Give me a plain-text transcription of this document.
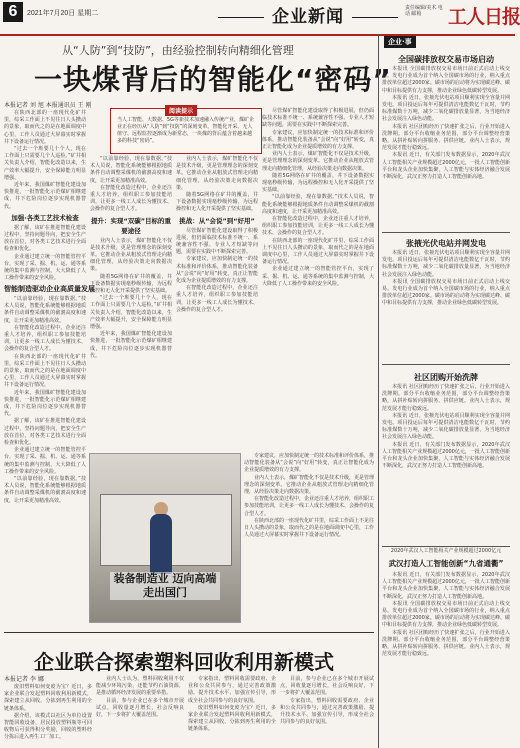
6	2021年7月20日 星期二	企业新闻	责任编辑/美术 电话 邮箱	工人日报
从“人防”到“技防”，由经验控制转向精细化管理
一块煤背后的智能化“密码”
本报记者 刘 旭 本报通讯员 王 刚
阅读提示
当人工智能、大数据、5G等新技术加速融入传统产业，煤矿企业正在经历从“人防”到“技防”的深刻变革。智能化开采、无人值守、远程监控逐渐成为新常态，一块煤的背后蕴含着越来越多的科技“密码”。

在陕西北部的一座现代化矿井里，综采工作面上不见往日人头攒动的景象，取而代之的是在地面调度中心里，工作人员通过大屏幕实时掌握井下设备运行情况。

“过去一个班要几十个人，现在工作面上只需要几个人巡检。”矿井相关负责人介绍，智能化改造以来，生产效率大幅提升，安全保障能力明显增强。

近年来，我国煤矿智能化建设加快推进，一批智能化示范煤矿相继建成，井下危险岗位逐步实现机器替代。

加强·各类工艺技术检查

据了解，该矿在推进智能化建设过程中，坚持问题导向，把安全生产放在首位，对各类工艺技术进行全面检查和优化。

企业通过建立统一的智能管控平台，实现了采、掘、机、运、通等系统的集中监测与控制，大大降低了人工操作带来的安全风险。

智能制造驱动企业高质量发展

“以前靠经验，现在靠数据。”技术人员说，智能化系统能够根据地质条件自动调整采煤机的截割高度和速度，让开采更加精准高效。

在智能化改造过程中，企业还注重人才培养，组织职工参加技能培训，让更多一线工人成长为懂技术、会操作的复合型人才。

在陕西北部的一座现代化矿井里，综采工作面上不见往日人头攒动的景象，取而代之的是在地面调度中心里，工作人员通过大屏幕实时掌握井下设备运行情况。

近年来，我国煤矿智能化建设加快推进，一批智能化示范煤矿相继建成，井下危险岗位逐步实现机器替代。

据了解，该矿在推进智能化建设过程中，坚持问题导向，把安全生产放在首位，对各类工艺技术进行全面检查和优化。

企业通过建立统一的智能管控平台，实现了采、掘、机、运、通等系统的集中监测与控制，大大降低了人工操作带来的安全风险。

“以前靠经验，现在靠数据。”技术人员说，智能化系统能够根据地质条件自动调整采煤机的截割高度和速度，让开采更加精准高效。

“以前靠经验，现在靠数据。”技术人员说，智能化系统能够根据地质条件自动调整采煤机的截割高度和速度，让开采更加精准高效。

在智能化改造过程中，企业还注重人才培养，组织职工参加技能培训，让更多一线工人成长为懂技术、会操作的复合型人才。

提升：实现“双碳”目标的重要途径

业内人士表示，煤矿智能化不仅是技术升级，更是管理理念的深刻变革。它推动企业从粗放式管理走向精细化管理，从经验决策走向数据决策。

随着5G网络在矿井的覆盖，井下设备数据实现毫秒级传输，为远程操控和无人化开采提供了坚实基础。

“过去一个班要几十个人，现在工作面上只需要几个人巡检。”矿井相关负责人介绍，智能化改造以来，生产效率大幅提升，安全保障能力明显增强。

近年来，我国煤矿智能化建设加快推进，一批智能化示范煤矿相继建成，井下危险岗位逐步实现机器替代。

业内人士表示，煤矿智能化不仅是技术升级，更是管理理念的深刻变革。它推动企业从粗放式管理走向精细化管理，从经验决策走向数据决策。

随着5G网络在矿井的覆盖，井下设备数据实现毫秒级传输，为远程操控和无人化开采提供了坚实基础。

挑战：从“会说”到“好用”

尽管煤矿智能化建设取得了积极进展，但仍面临技术标准不统一、系统兼容性不强、专业人才短缺等问题，需要在实践中不断探索完善。

专家建议，应加快制定统一的技术标准和评价体系，推动智能化装备从“会说”向“好用”转变，真正让智能化成为企业提质增效的有力支撑。

在智能化改造过程中，企业还注重人才培养，组织职工参加技能培训，让更多一线工人成长为懂技术、会操作的复合型人才。

尽管煤矿智能化建设取得了积极进展，但仍面临技术标准不统一、系统兼容性不强、专业人才短缺等问题，需要在实践中不断探索完善。

专家建议，应加快制定统一的技术标准和评价体系，推动智能化装备从“会说”向“好用”转变，真正让智能化成为企业提质增效的有力支撑。

业内人士表示，煤矿智能化不仅是技术升级，更是管理理念的深刻变革。它推动企业从粗放式管理走向精细化管理，从经验决策走向数据决策。

随着5G网络在矿井的覆盖，井下设备数据实现毫秒级传输，为远程操控和无人化开采提供了坚实基础。

“以前靠经验，现在靠数据。”技术人员说，智能化系统能够根据地质条件自动调整采煤机的截割高度和速度，让开采更加精准高效。

在智能化改造过程中，企业还注重人才培养，组织职工参加技能培训，让更多一线工人成长为懂技术、会操作的复合型人才。

在陕西北部的一座现代化矿井里，综采工作面上不见往日人头攒动的景象，取而代之的是在地面调度中心里，工作人员通过大屏幕实时掌握井下设备运行情况。

企业通过建立统一的智能管控平台，实现了采、掘、机、运、通等系统的集中监测与控制，大大降低了人工操作带来的安全风险。

装备制造业 迈向高端走出国门

专家建议，应加快制定统一的技术标准和评价体系，推动智能化装备从“会说”向“好用”转变，真正让智能化成为企业提质增效的有力支撑。

业内人士表示，煤矿智能化不仅是技术升级，更是管理理念的深刻变革。它推动企业从粗放式管理走向精细化管理，从经验决策走向数据决策。

在智能化改造过程中，企业还注重人才培养，组织职工参加技能培训，让更多一线工人成长为懂技术、会操作的复合型人才。

在陕西北部的一座现代化矿井里，综采工作面上不见往日人头攒动的景象，取而代之的是在地面调度中心里，工作人员通过大屏幕实时掌握井下设备运行情况。

企业联合探索塑料回收利用新模式
本报记者 李 娜

废旧塑料如何变废为宝？近日，多家企业联合发起塑料回收利用新模式，探索建立从回收、分拣到再生利用的全链条体系。

据介绍，该模式以社区为单位设置智能回收设备，居民投放塑料瓶等可回收物后可获得积分奖励，回收的塑料经分拣后进入再生工厂加工。

业内人士认为，塑料回收利用不仅能减少环境污染，还能节约石油资源，是推动循环经济发展的重要举措。

目前，参与企业已在多个城市开展试点，回收量逐月增长，社会反响良好，下一步将扩大覆盖范围。

专家指出，塑料回收需要政府、企业和公众共同参与，通过完善政策激励、提升技术水平、加强宣传引导，形成全社会共同参与的良好氛围。

废旧塑料如何变废为宝？近日，多家企业联合发起塑料回收利用新模式，探索建立从回收、分拣到再生利用的全链条体系。

目前，参与企业已在多个城市开展试点，回收量逐月增长，社会反响良好，下一步将扩大覆盖范围。

专家指出，塑料回收需要政府、企业和公众共同参与，通过完善政策激励、提升技术水平、加强宣传引导，形成全社会共同参与的良好氛围。

企业·事
全国碳排放权交易市场启动

本报讯 全国碳排放权交易市场日前正式启动上线交易。发电行业成为首个纳入全国碳市场的行业，纳入重点排放单位超过2000家。碳市场的启动将为实现碳达峰、碳中和目标提供有力支撑，推动企业绿色低碳转型发展。

本报讯 近日，张掖光伏电站项目顺利实现全容量并网发电。项目投运后每年可提供清洁电能数亿千瓦时，节约标准煤数十万吨，减少二氧化碳排放量显著，为当地经济社会发展注入绿色动能。

本报讯 社区团购经历了快速扩张之后，行业开始进入洗牌期。部分平台收缩业务范围，部分平台调整经营策略，从拼补贴转向拼服务、拼供应链。业内人士表示，规范发展才能行稳致远。

本报讯 近日，有关部门发布数据显示，2020年武汉人工智能相关产业规模超过2000亿元，一批人工智能创新平台和龙头企业加快集聚，人工智能与实体经济融合发展不断深化，武汉正努力打造人工智能创新高地。

张掖光伏电站并网发电

本报讯 近日，张掖光伏电站项目顺利实现全容量并网发电。项目投运后每年可提供清洁电能数亿千瓦时，节约标准煤数十万吨，减少二氧化碳排放量显著，为当地经济社会发展注入绿色动能。

本报讯 全国碳排放权交易市场日前正式启动上线交易。发电行业成为首个纳入全国碳市场的行业，纳入重点排放单位超过2000家。碳市场的启动将为实现碳达峰、碳中和目标提供有力支撑，推动企业绿色低碳转型发展。

社区团购开始洗牌

本报讯 社区团购经历了快速扩张之后，行业开始进入洗牌期。部分平台收缩业务范围，部分平台调整经营策略，从拼补贴转向拼服务、拼供应链。业内人士表示，规范发展才能行稳致远。

本报讯 近日，张掖光伏电站项目顺利实现全容量并网发电。项目投运后每年可提供清洁电能数亿千瓦时，节约标准煤数十万吨，减少二氧化碳排放量显著，为当地经济社会发展注入绿色动能。

本报讯 近日，有关部门发布数据显示，2020年武汉人工智能相关产业规模超过2000亿元，一批人工智能创新平台和龙头企业加快集聚，人工智能与实体经济融合发展不断深化，武汉正努力打造人工智能创新高地。

2020年武汉人工智能相关产业规模超过2000亿元
武汉打造人工智能创新“九省通衢”

本报讯 近日，有关部门发布数据显示，2020年武汉人工智能相关产业规模超过2000亿元，一批人工智能创新平台和龙头企业加快集聚，人工智能与实体经济融合发展不断深化，武汉正努力打造人工智能创新高地。

本报讯 全国碳排放权交易市场日前正式启动上线交易。发电行业成为首个纳入全国碳市场的行业，纳入重点排放单位超过2000家。碳市场的启动将为实现碳达峰、碳中和目标提供有力支撑，推动企业绿色低碳转型发展。

本报讯 社区团购经历了快速扩张之后，行业开始进入洗牌期。部分平台收缩业务范围，部分平台调整经营策略，从拼补贴转向拼服务、拼供应链。业内人士表示，规范发展才能行稳致远。
